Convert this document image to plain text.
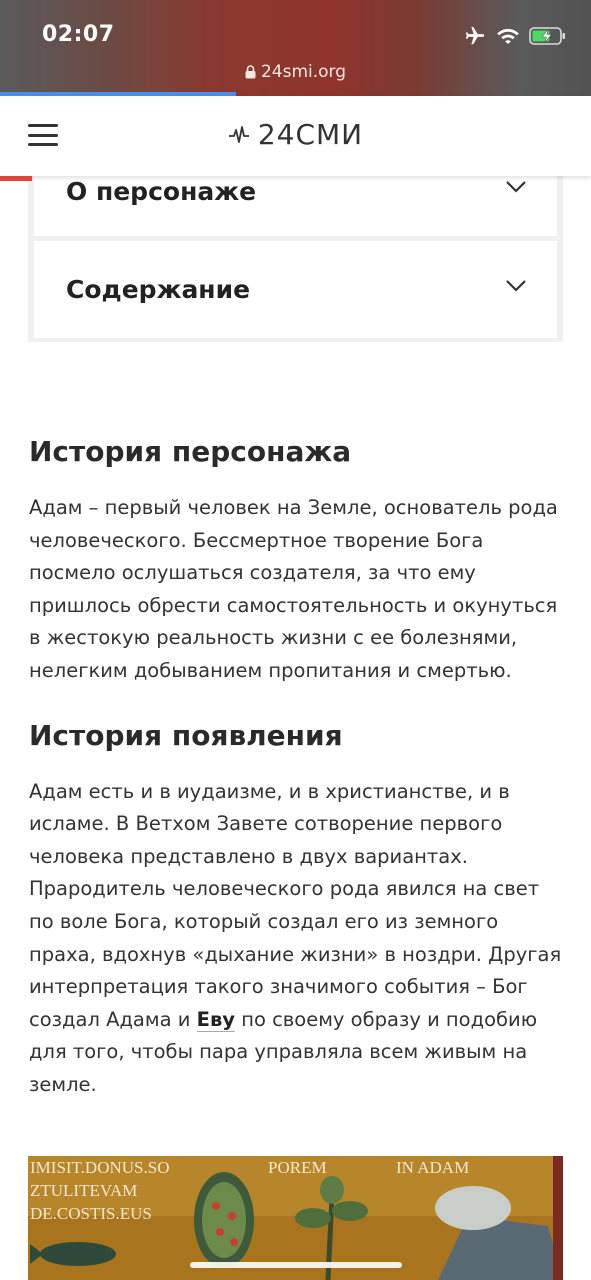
02:07
24smi.org
24СМИ
О персонаже
Содержание
История персонажа

Адам – первый человек на Земле, основатель рода человеческого. Бессмертное творение Бога посмело ослушаться создателя, за что ему пришлось обрести самостоятельность и окунуться в жестокую реальность жизни с ее болезнями, нелегким добыванием пропитания и смертью.

История появления

Адам есть и в иудаизме, и в христианстве, и в исламе. В Ветхом Завете сотворение первого человека представлено в двух вариантах. Прародитель человеческого рода явился на свет по воле Бога, который создал его из земного праха, вдохнув «дыхание жизни» в ноздри. Другая интерпретация такого значимого события – Бог создал Адама и Еву по своему образу и подобию для того, чтобы пара управляла всем живым на земле.

IMISIT.DONUS.SO
ZTULITEVAM
DE.COSTIS.EUS
POREM	IN ADAM
